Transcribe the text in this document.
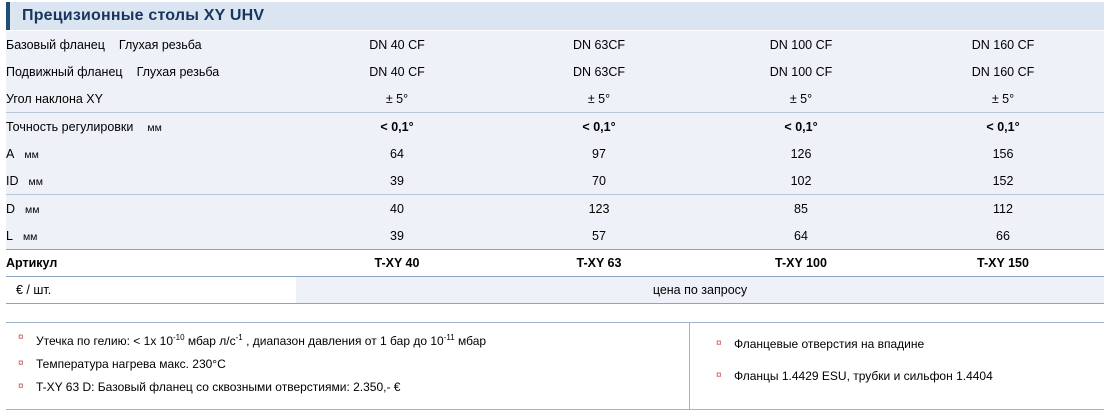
Прецизионные столы XY UHV
Базовый фланец Глухая резьба	DN 40 CF	DN 63CF	DN 100 CF	DN 160 CF
Подвижный фланец Глухая резьба	DN 40 CF	DN 63CF	DN 100 CF	DN 160 CF
Угол наклона XY	± 5°	± 5°	± 5°	± 5°
Точность регулировки мм	< 0,1°	< 0,1°	< 0,1°	< 0,1°
A мм	64	97	126	156
ID мм	39	70	102	152
D мм	40	123	85	112
L мм	39	57	64	66
Артикул	T-XY 40	T-XY 63	T-XY 100	T-XY 150
€ / шт.	цена по запросу			
¤	Утечка по гелию: < 1x $10^{-10}$ мбар $л/с^{-1}$ , диапазон давления от 1 бар до $10^{-11}$ мбар
¤	Температура нагрева макс. 230°C
¤	T-XY 63 D: Базовый фланец со сквозными отверстиями: 2.350,- €
¤	Фланцевые отверстия на впадине
¤	Фланцы 1.4429 ESU, трубки и сильфон 1.4404
